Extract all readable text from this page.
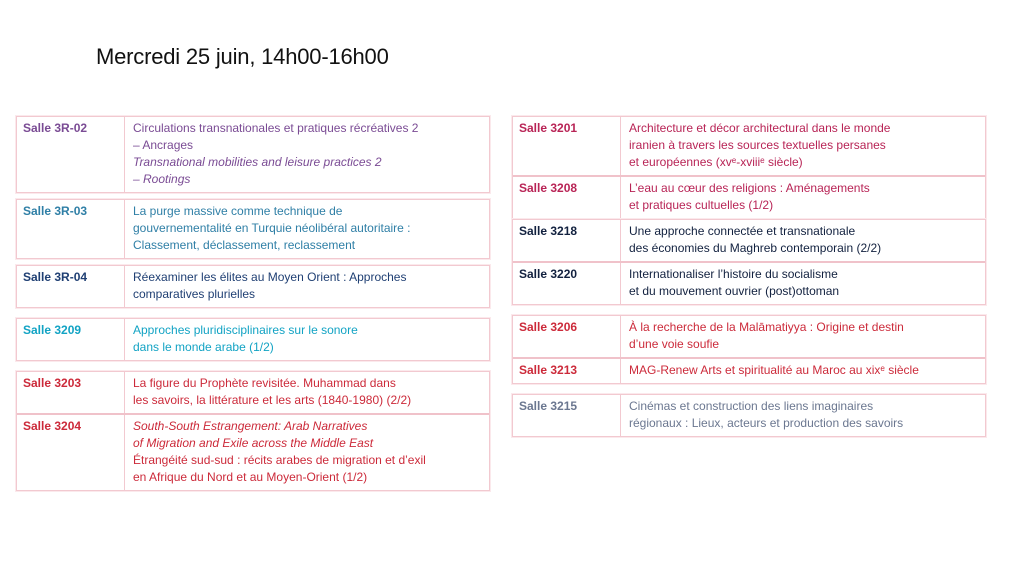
Mercredi 25 juin, 14h00-16h00
Salle 3R-02	Circulations transnationales et pratiques récréatives 2
– Ancrages
Transnational mobilities and leisure practices 2
– Rootings
Salle 3R-03	La purge massive comme technique de
gouvernementalité en Turquie néolibéral autoritaire :
Classement, déclassement, reclassement
Salle 3R-04	Réexaminer les élites au Moyen Orient : Approches
comparatives plurielles
Salle 3209	Approches pluridisciplinaires sur le sonore
dans le monde arabe (1/2)
Salle 3203	La figure du Prophète revisitée. Muhammad dans
les savoirs, la littérature et les arts (1840-1980) (2/2)
Salle 3204	South-South Estrangement: Arab Narratives
of Migration and Exile across the Middle East
Étrangéité sud-sud : récits arabes de migration et d’exil
en Afrique du Nord et au Moyen-Orient (1/2)
Salle 3201	Architecture et décor architectural dans le monde
iranien à travers les sources textuelles persanes
et européennes (xvᵉ-xviiiᵉ siècle)
Salle 3208	L’eau au cœur des religions : Aménagements
et pratiques cultuelles (1/2)
Salle 3218	Une approche connectée et transnationale
des économies du Maghreb contemporain (2/2)
Salle 3220	Internationaliser l’histoire du socialisme
et du mouvement ouvrier (post)ottoman
Salle 3206	À la recherche de la Malāmatiyya : Origine et destin
d’une voie soufie
Salle 3213	MAG-Renew Arts et spiritualité au Maroc au xixᵉ siècle
Salle 3215	Cinémas et construction des liens imaginaires
régionaux : Lieux, acteurs et production des savoirs
